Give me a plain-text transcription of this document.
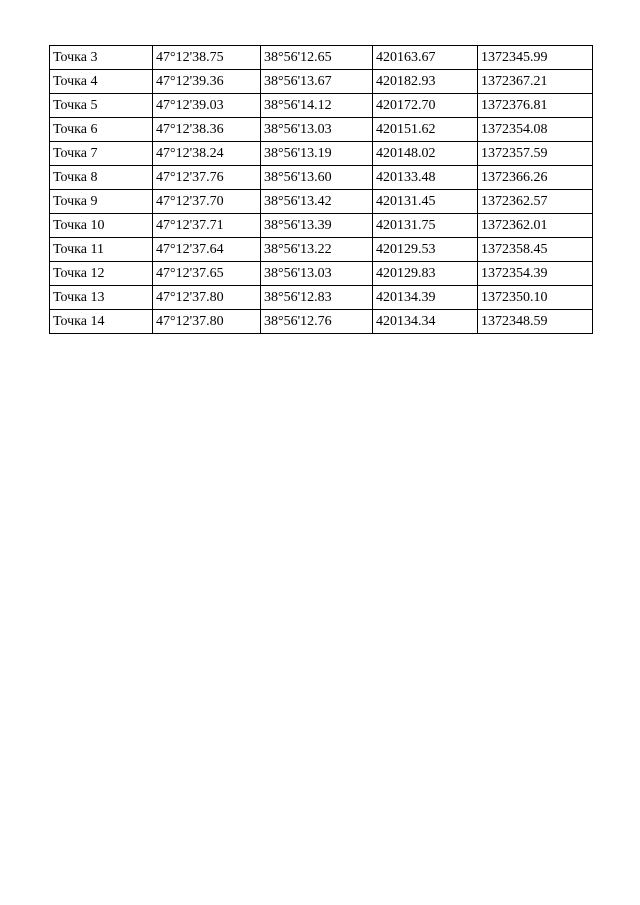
Точка 3	47°12'38.75	38°56'12.65	420163.67	1372345.99
Точка 4	47°12'39.36	38°56'13.67	420182.93	1372367.21
Точка 5	47°12'39.03	38°56'14.12	420172.70	1372376.81
Точка 6	47°12'38.36	38°56'13.03	420151.62	1372354.08
Точка 7	47°12'38.24	38°56'13.19	420148.02	1372357.59
Точка 8	47°12'37.76	38°56'13.60	420133.48	1372366.26
Точка 9	47°12'37.70	38°56'13.42	420131.45	1372362.57
Точка 10	47°12'37.71	38°56'13.39	420131.75	1372362.01
Точка 11	47°12'37.64	38°56'13.22	420129.53	1372358.45
Точка 12	47°12'37.65	38°56'13.03	420129.83	1372354.39
Точка 13	47°12'37.80	38°56'12.83	420134.39	1372350.10
Точка 14	47°12'37.80	38°56'12.76	420134.34	1372348.59
